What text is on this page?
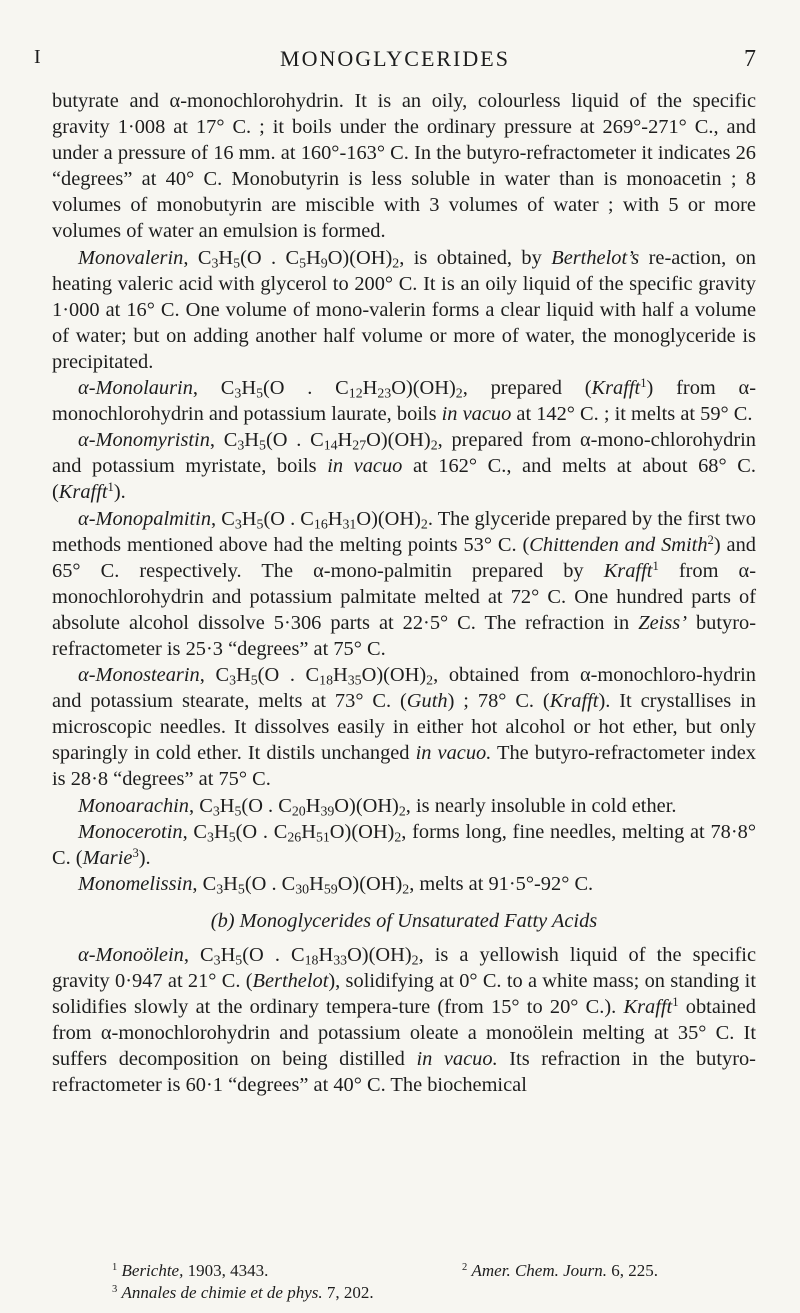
I	MONOGLYCERIDES	7

butyrate and α-monochlorohydrin. It is an oily, colourless liquid of the specific gravity 1·008 at 17° C. ; it boils under the ordinary pressure at 269°-271° C., and under a pressure of 16 mm. at 160°-163° C. In the butyro-refractometer it indicates 26 “degrees” at 40° C. Monobutyrin is less soluble in water than is monoacetin ; 8 volumes of monobutyrin are miscible with 3 volumes of water ; with 5 or more volumes of water an emulsion is formed.

Monovalerin, $C_3H_5(O$ . $C_5H_9O)(OH)_2$, is obtained, by Berthelot’s re-action, on heating valeric acid with glycerol to 200° C. It is an oily liquid of the specific gravity 1·000 at 16° C. One volume of mono-valerin forms a clear liquid with half a volume of water; but on adding another half volume or more of water, the monoglyceride is precipitated.

α-Monolaurin, $C_3H_5(O$ . $C_{12}H_{23}O)(OH)_2$, prepared (Krafft$^1$) from α-monochlorohydrin and potassium laurate, boils in vacuo at 142° C. ; it melts at 59° C.

α-Monomyristin, $C_3H_5(O$ . $C_{14}H_{27}O)(OH)_2$, prepared from α-mono-chlorohydrin and potassium myristate, boils in vacuo at 162° C., and melts at about 68° C. (Krafft$^1$).

α-Monopalmitin, $C_3H_5(O$ . $C_{16}H_{31}O)(OH)_2$. The glyceride prepared by the first two methods mentioned above had the melting points 53° C. (Chittenden and Smith$^2$) and 65° C. respectively. The α-mono-palmitin prepared by Krafft$^1$ from α-monochlorohydrin and potassium palmitate melted at 72° C. One hundred parts of absolute alcohol dissolve 5·306 parts at 22·5° C. The refraction in Zeiss’ butyro-refractometer is 25·3 “degrees” at 75° C.

α-Monostearin, $C_3H_5(O$ . $C_{18}H_{35}O)(OH)_2$, obtained from α-monochloro-hydrin and potassium stearate, melts at 73° C. (Guth) ; 78° C. (Krafft). It crystallises in microscopic needles. It dissolves easily in either hot alcohol or hot ether, but only sparingly in cold ether. It distils unchanged in vacuo. The butyro-refractometer index is 28·8 “degrees” at 75° C.

Monoarachin, $C_3H_5(O$ . $C_{20}H_{39}O)(OH)_2$, is nearly insoluble in cold ether.

Monocerotin, $C_3H_5(O$ . $C_{26}H_{51}O)(OH)_2$, forms long, fine needles, melting at 78·8° C. (Marie$^3$).

Monomelissin, $C_3H_5(O$ . $C_{30}H_{59}O)(OH)_2$, melts at 91·5°-92° C.

(b) Monoglycerides of Unsaturated Fatty Acids

α-Monoölein, $C_3H_5(O$ . $C_{18}H_{33}O)(OH)_2$, is a yellowish liquid of the specific gravity 0·947 at 21° C. (Berthelot), solidifying at 0° C. to a white mass; on standing it solidifies slowly at the ordinary tempera-ture (from 15° to 20° C.). Krafft$^1$ obtained from α-monochlorohydrin and potassium oleate a monoölein melting at 35° C. It suffers decomposition on being distilled in vacuo. Its refraction in the butyro-refractometer is 60·1 “degrees” at 40° C. The biochemical

$^1$ Berichte, 1903, 4343.	$^2$ Amer. Chem. Journ. 6, 225.
$^3$ Annales de chimie et de phys. 7, 202.
